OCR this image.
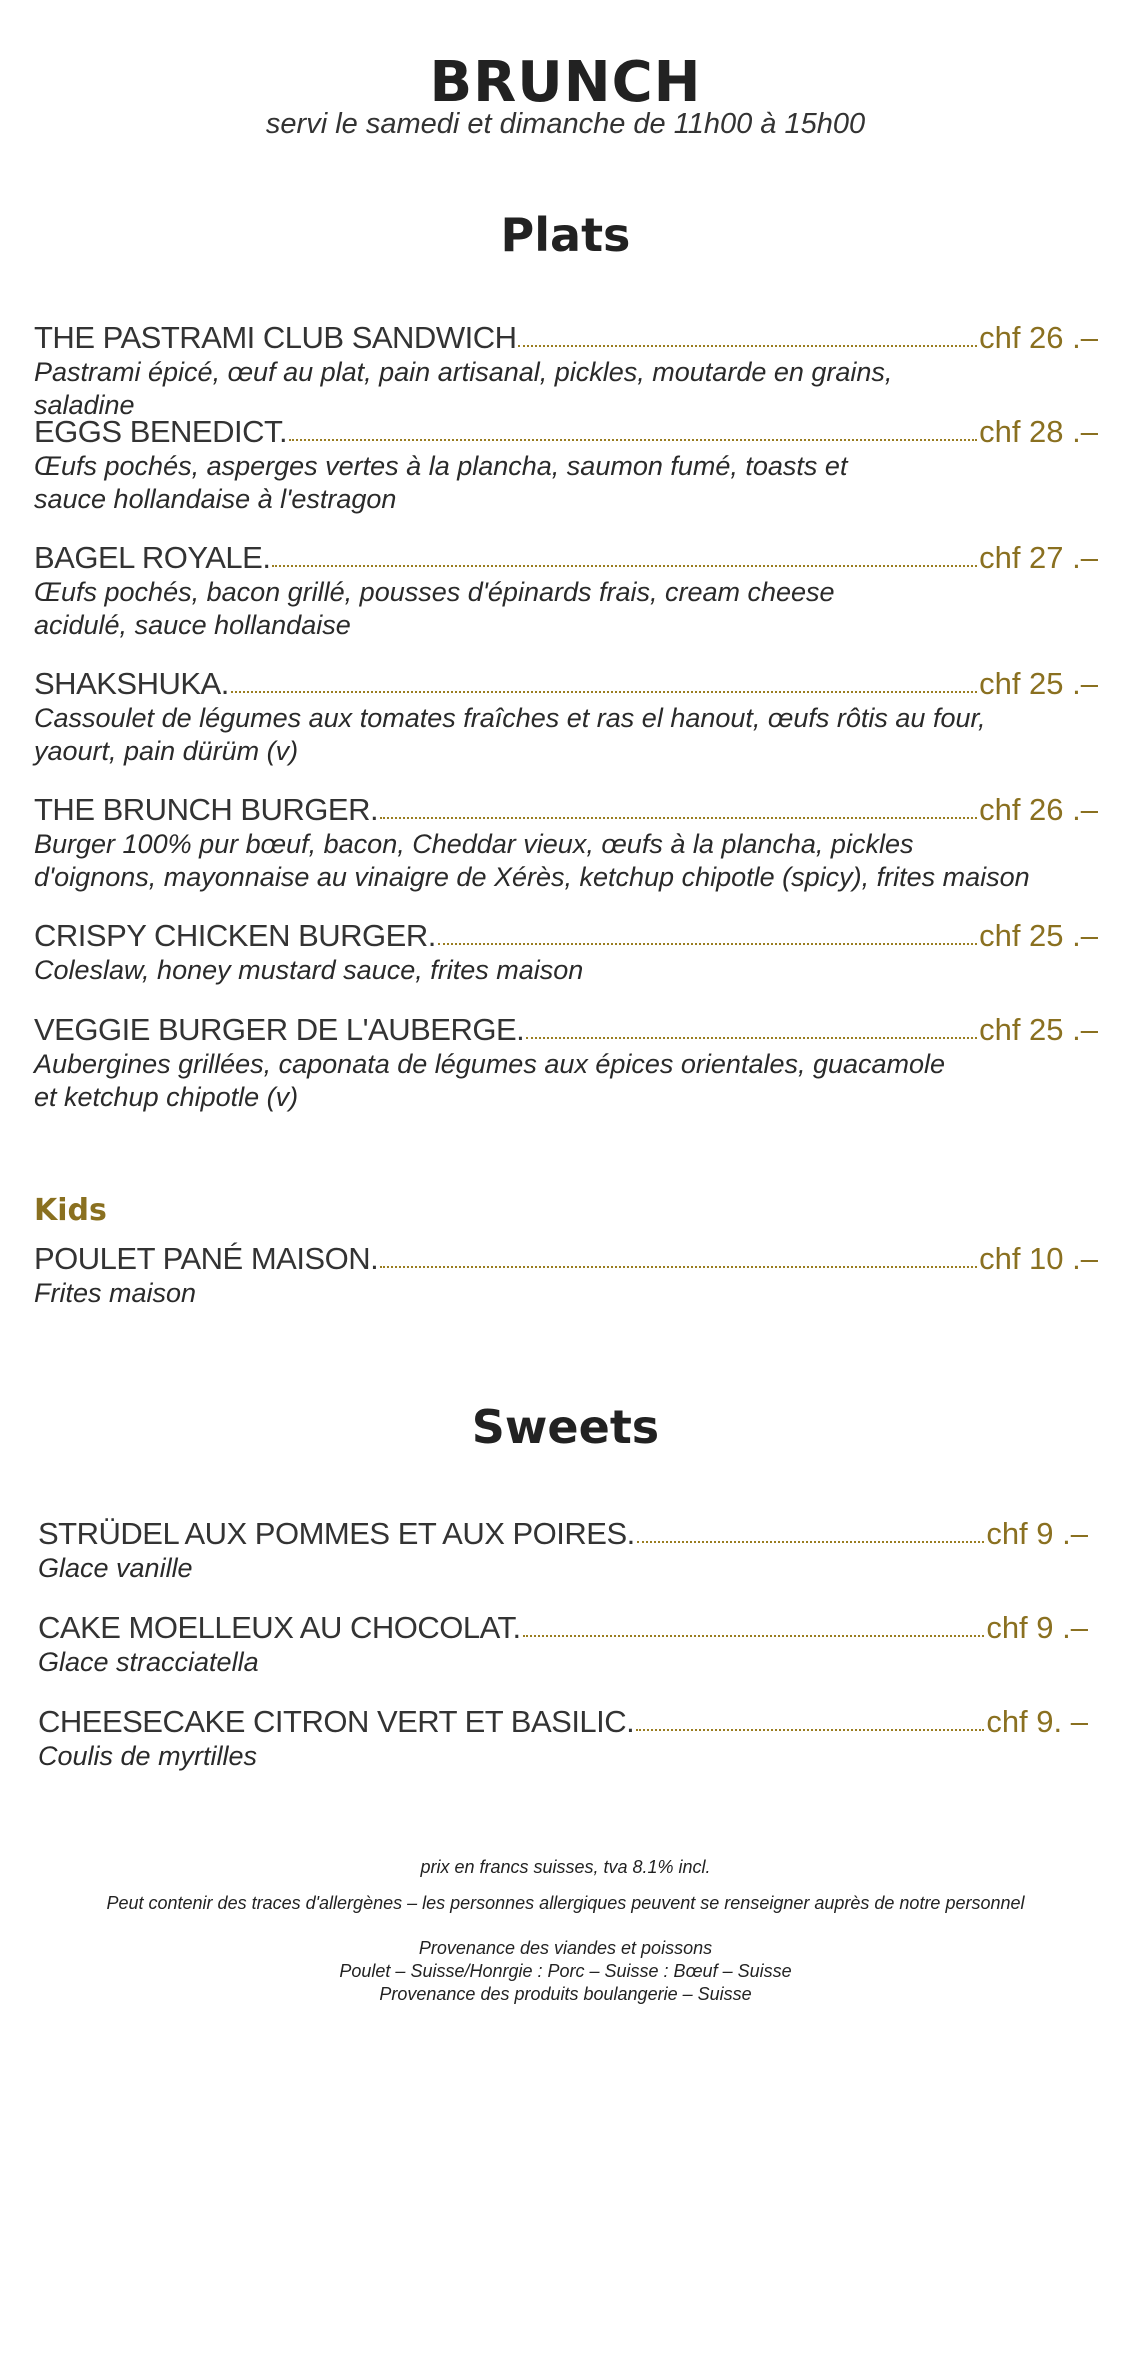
BRUNCH
servi le samedi et dimanche de 11h00 à 15h00
Plats
THE PASTRAMI CLUB SANDWICH	chf 26 .–
Pastrami épicé, œuf au plat, pain artisanal, pickles, moutarde en grains, saladine
EGGS BENEDICT.	chf 28 .–
Œufs pochés, asperges vertes à la plancha, saumon fumé, toasts et sauce hollandaise à l'estragon
BAGEL ROYALE.	chf 27 .–
Œufs pochés, bacon grillé, pousses d'épinards frais, cream cheese acidulé, sauce hollandaise
SHAKSHUKA.	chf 25 .–
Cassoulet de légumes aux tomates fraîches et ras el hanout, œufs rôtis au four, yaourt, pain dürüm (v)
THE BRUNCH BURGER.	chf 26 .–
Burger 100% pur bœuf, bacon, Cheddar vieux, œufs à la plancha, pickles d'oignons, mayonnaise au vinaigre de Xérès, ketchup chipotle (spicy), frites maison
CRISPY CHICKEN BURGER.	chf 25 .–
Coleslaw, honey mustard sauce, frites maison
VEGGIE BURGER DE L'AUBERGE.	chf 25 .–
Aubergines grillées, caponata de légumes aux épices orientales, guacamole et ketchup chipotle (v)
Kids
POULET PANÉ MAISON.	chf 10 .–
Frites maison
Sweets
STRÜDEL AUX POMMES ET AUX POIRES.	chf 9 .–
Glace vanille
CAKE MOELLEUX AU CHOCOLAT.	chf 9 .–
Glace stracciatella
CHEESECAKE CITRON VERT ET BASILIC.	chf 9. –
Coulis de myrtilles
prix en francs suisses, tva 8.1% incl.
Peut contenir des traces d'allergènes – les personnes allergiques peuvent se renseigner auprès de notre personnel
Provenance des viandes et poissons
Poulet – Suisse/Honrgie : Porc – Suisse : Bœuf – Suisse
Provenance des produits boulangerie – Suisse
